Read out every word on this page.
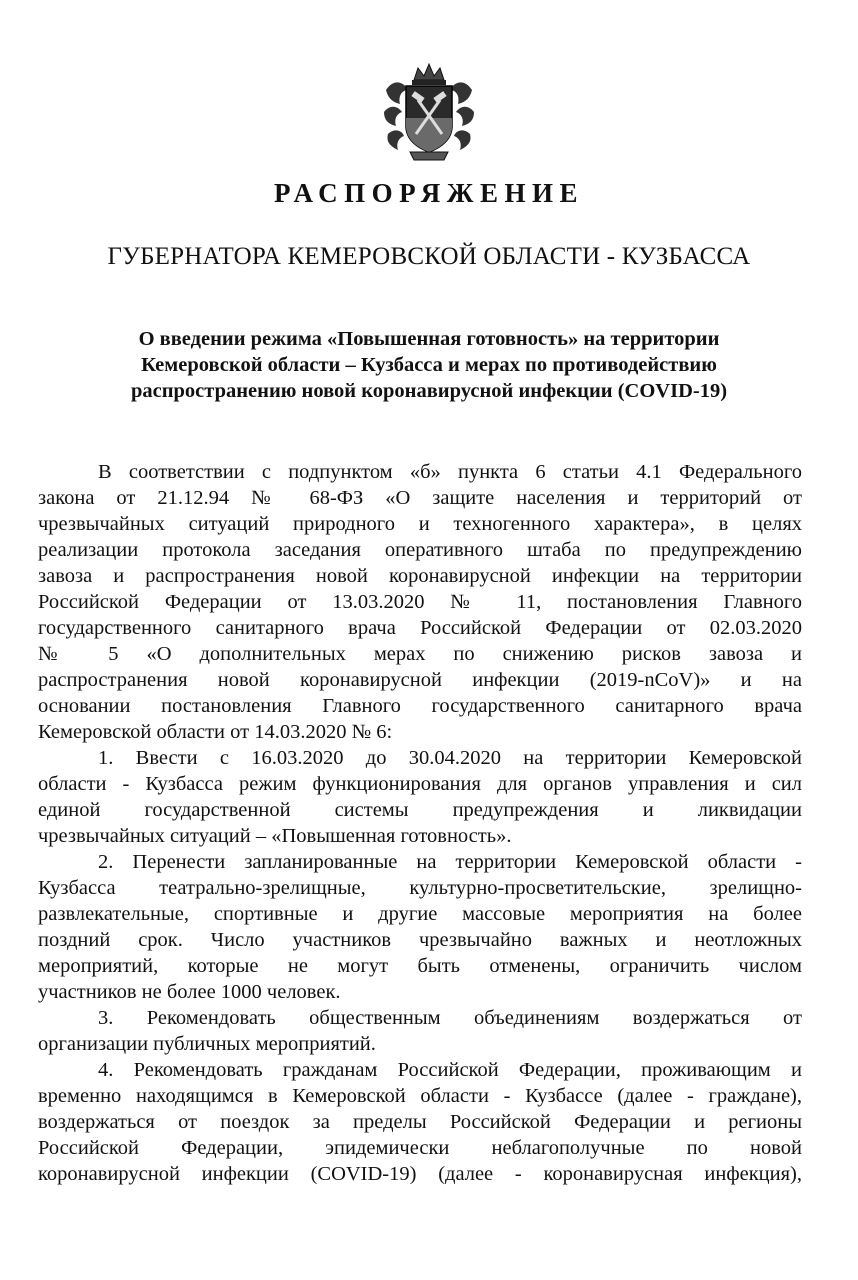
РАСПОРЯЖЕНИЕ
ГУБЕРНАТОРА КЕМЕРОВСКОЙ ОБЛАСТИ - КУЗБАССА
О введении режима «Повышенная готовность» на территории
Кемеровской области – Кузбасса и мерах по противодействию
распространению новой коронавирусной инфекции (COVID-19)
В соответствии с подпунктом «б» пункта 6 статьи 4.1 Федерального
закона от 21.12.94 № 68-ФЗ «О защите населения и территорий от
чрезвычайных ситуаций природного и техногенного характера», в целях
реализации протокола заседания оперативного штаба по предупреждению
завоза и распространения новой коронавирусной инфекции на территории
Российской Федерации от 13.03.2020 № 11, постановления Главного
государственного санитарного врача Российской Федерации от 02.03.2020
№ 5 «О дополнительных мерах по снижению рисков завоза и
распространения новой коронавирусной инфекции (2019-nCoV)» и на
основании постановления Главного государственного санитарного врача
Кемеровской области от 14.03.2020 № 6:
1. Ввести с 16.03.2020 до 30.04.2020 на территории Кемеровской
области - Кузбасса режим функционирования для органов управления и сил
единой государственной системы предупреждения и ликвидации
чрезвычайных ситуаций – «Повышенная готовность».
2. Перенести запланированные на территории Кемеровской области -
Кузбасса театрально-зрелищные, культурно-просветительские, зрелищно-
развлекательные, спортивные и другие массовые мероприятия на более
поздний срок. Число участников чрезвычайно важных и неотложных
мероприятий, которые не могут быть отменены, ограничить числом
участников не более 1000 человек.
3. Рекомендовать общественным объединениям воздержаться от
организации публичных мероприятий.
4. Рекомендовать гражданам Российской Федерации, проживающим и
временно находящимся в Кемеровской области - Кузбассе (далее - граждане),
воздержаться от поездок за пределы Российской Федерации и регионы
Российской Федерации, эпидемически неблагополучные по новой
коронавирусной инфекции (COVID-19) (далее - коронавирусная инфекция),
